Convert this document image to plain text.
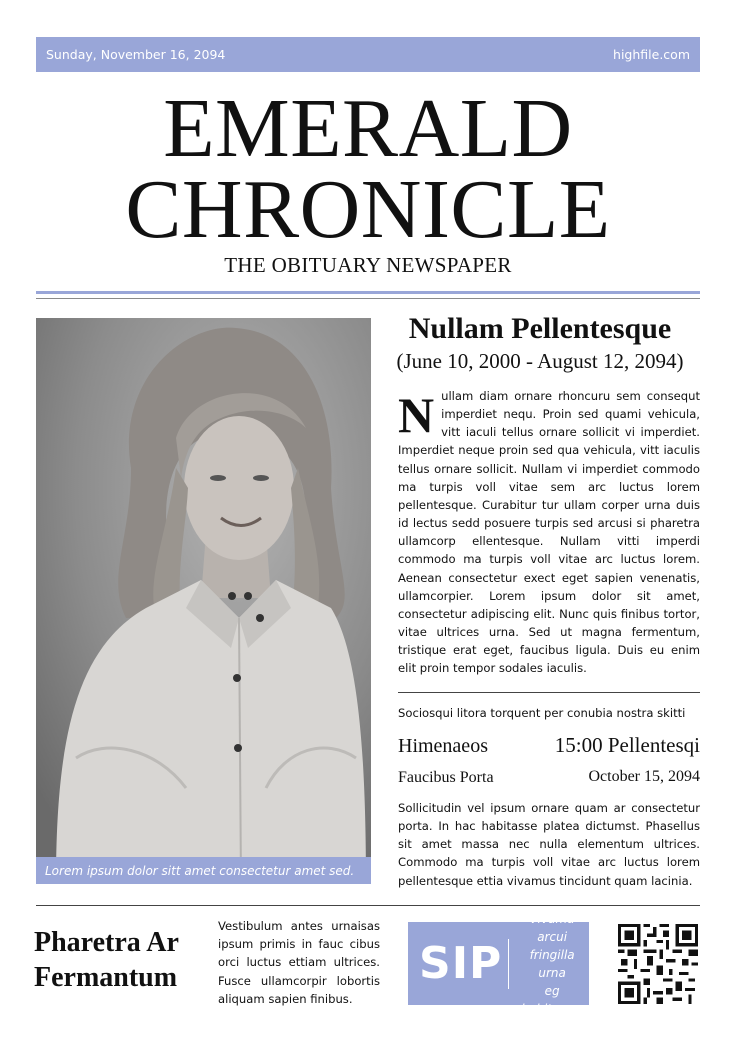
Sunday, November 16, 2094	highfile.com
EMERALD
CHRONICLE
THE OBITUARY NEWSPAPER
Lorem ipsum dolor sitt amet consectetur amet sed.
Nullam Pellentesque
(June 10, 2000 - August 12, 2094)
N ullam diam ornare rhoncuru sem consequt imperdiet nequ. Proin sed quami vehicula, vitt iaculi tellus ornare sollicit vi imperdiet. Imperdiet neque proin sed qua vehicula, vitt iaculis tellus ornare sollicit. Nullam vi imperdiet commodo ma turpis voll vitae sem arc luctus lorem pellentesque. Curabitur tur ullam corper urna duis id lectus sedd posuere turpis sed arcusi si pharetra ullamcorp ellentesque. Nullam vitti imperdi commodo ma turpis voll vitae arc luctus lorem. Aenean consectetur exect eget sapien venenatis, ullamcorpier. Lorem ipsum dolor sit amet, consectetur adipiscing elit. Nunc quis finibus tortor, vitae ultrices urna. Sed ut magna fermentum, tristique erat eget, faucibus ligula. Duis eu enim elit proin tempor sodales iaculis.
Sociosqui litora torquent per conubia nostra skitti
Himenaeos	15:00 Pellentesqi
Faucibus Porta	October 15, 2094
Sollicitudin vel ipsum ornare quam ar consectetur porta. In hac habitasse platea dictumst. Phasellus sit amet massa nec nulla elementum ultrices. Commodo ma turpis voll vitae arc luctus lorem pellentesque ettia vivamus tincidunt quam lacinia.
Pharetra Ar
Fermantum
Vestibulum antes urnaisas ipsum primis in fauc cibus orci luctus ettiam ultrices. Fusce ullamcorpir lobortis aliquam sapien finibus.
SIP
Vivamu arcui
fringilla urna
eg habitasse.
